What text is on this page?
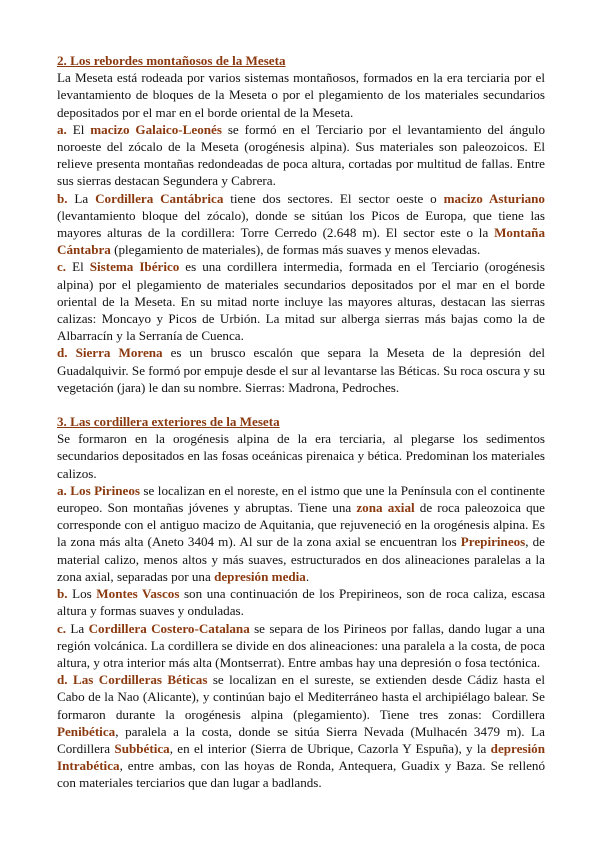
2. Los rebordes montañosos de la Meseta

La Meseta está rodeada por varios sistemas montañosos, formados en la era terciaria por el levantamiento de bloques de la Meseta o por el plegamiento de los materiales secundarios depositados por el mar en el borde oriental de la Meseta.

a. El macizo Galaico-Leonés se formó en el Terciario por el levantamiento del ángulo noroeste del zócalo de la Meseta (orogénesis alpina). Sus materiales son paleozoicos. El relieve presenta montañas redondeadas de poca altura, cortadas por multitud de fallas. Entre sus sierras destacan Segundera y Cabrera.

b. La Cordillera Cantábrica tiene dos sectores. El sector oeste o macizo Asturiano (levantamiento bloque del zócalo), donde se sitúan los Picos de Europa, que tiene las mayores alturas de la cordillera: Torre Cerredo (2.648 m). El sector este o la Montaña Cántabra (plegamiento de materiales), de formas más suaves y menos elevadas.

c. El Sistema Ibérico es una cordillera intermedia, formada en el Terciario (orogénesis alpina) por el plegamiento de materiales secundarios depositados por el mar en el borde oriental de la Meseta. En su mitad norte incluye las mayores alturas, destacan las sierras calizas: Moncayo y Picos de Urbión. La mitad sur alberga sierras más bajas como la de Albarracín y la Serranía de Cuenca.

d. Sierra Morena es un brusco escalón que separa la Meseta de la depresión del Guadalquivir. Se formó por empuje desde el sur al levantarse las Béticas. Su roca oscura y su vegetación (jara) le dan su nombre. Sierras: Madrona, Pedroches.

3. Las cordillera exteriores de la Meseta

Se formaron en la orogénesis alpina de la era terciaria, al plegarse los sedimentos secundarios depositados en las fosas oceánicas pirenaica y bética. Predominan los materiales calizos.

a. Los Pirineos se localizan en el noreste, en el istmo que une la Península con el continente europeo. Son montañas jóvenes y abruptas. Tiene una zona axial de roca paleozoica que corresponde con el antiguo macizo de Aquitania, que rejuveneció en la orogénesis alpina. Es la zona más alta (Aneto 3404 m). Al sur de la zona axial se encuentran los Prepirineos, de material calizo, menos altos y más suaves, estructurados en dos alineaciones paralelas a la zona axial, separadas por una depresión media.

b. Los Montes Vascos son una continuación de los Prepirineos, son de roca caliza, escasa altura y formas suaves y onduladas.

c. La Cordillera Costero-Catalana se separa de los Pirineos por fallas, dando lugar a una región volcánica. La cordillera se divide en dos alineaciones: una paralela a la costa, de poca altura, y otra interior más alta (Montserrat). Entre ambas hay una depresión o fosa tectónica.

d. Las Cordilleras Béticas se localizan en el sureste, se extienden desde Cádiz hasta el Cabo de la Nao (Alicante), y continúan bajo el Mediterráneo hasta el archipiélago balear. Se formaron durante la orogénesis alpina (plegamiento). Tiene tres zonas: Cordillera Penibética, paralela a la costa, donde se sitúa Sierra Nevada (Mulhacén 3479 m). La Cordillera Subbética, en el interior (Sierra de Ubrique, Cazorla Y Espuña), y la depresión Intrabética, entre ambas, con las hoyas de Ronda, Antequera, Guadix y Baza. Se rellenó con materiales terciarios que dan lugar a badlands.
